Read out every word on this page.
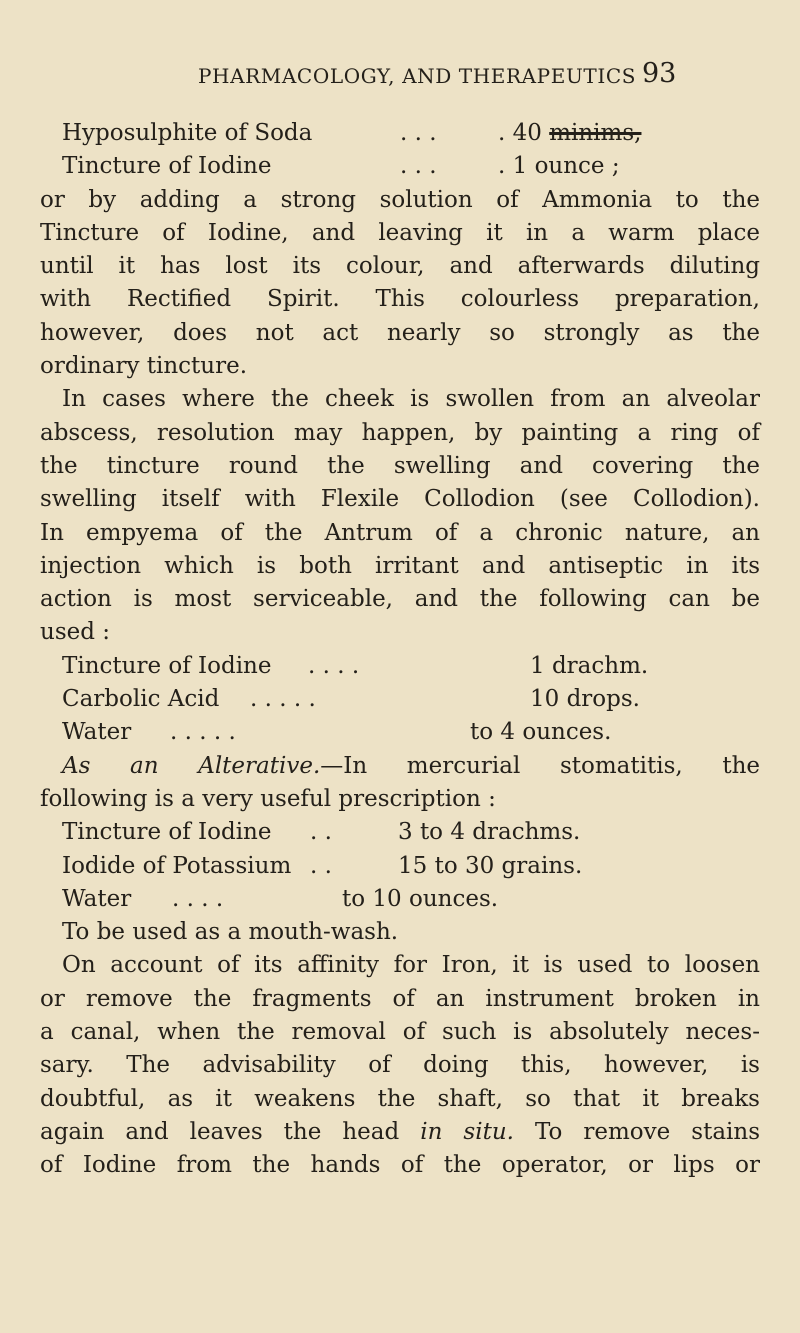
PHARMACOLOGY, AND THERAPEUTICS 93
Hyposulphite of Soda	. . .	. 40 minims,
Tincture of Iodine	. . .	. 1 ounce ;
or by adding a strong solution of Ammonia to the
Tincture of Iodine, and leaving it in a warm place
until it has lost its colour, and afterwards diluting
with Rectified Spirit. This colourless preparation,
however, does not act nearly so strongly as the
ordinary tincture.
In cases where the cheek is swollen from an alveolar
abscess, resolution may happen, by painting a ring of
the tincture round the swelling and covering the
swelling itself with Flexile Collodion (see Collodion).
In empyema of the Antrum of a chronic nature, an
injection which is both irritant and antiseptic in its
action is most serviceable, and the following can be
used :
Tincture of Iodine . . . .	1 drachm.
Carbolic Acid . . . . .	10 drops.
Water . . . . .	to 4 ounces.
As an Alterative.—In mercurial stomatitis, the
following is a very useful prescription :
Tincture of Iodine . .	3 to 4 drachms.
Iodide of Potassium . .	15 to 30 grains.
Water . . . .	to 10 ounces.
To be used as a mouth-wash.
On account of its affinity for Iron, it is used to loosen
or remove the fragments of an instrument broken in
a canal, when the removal of such is absolutely neces-
sary. The advisability of doing this, however, is
doubtful, as it weakens the shaft, so that it breaks
again and leaves the head in situ. To remove stains
of Iodine from the hands of the operator, or lips or
